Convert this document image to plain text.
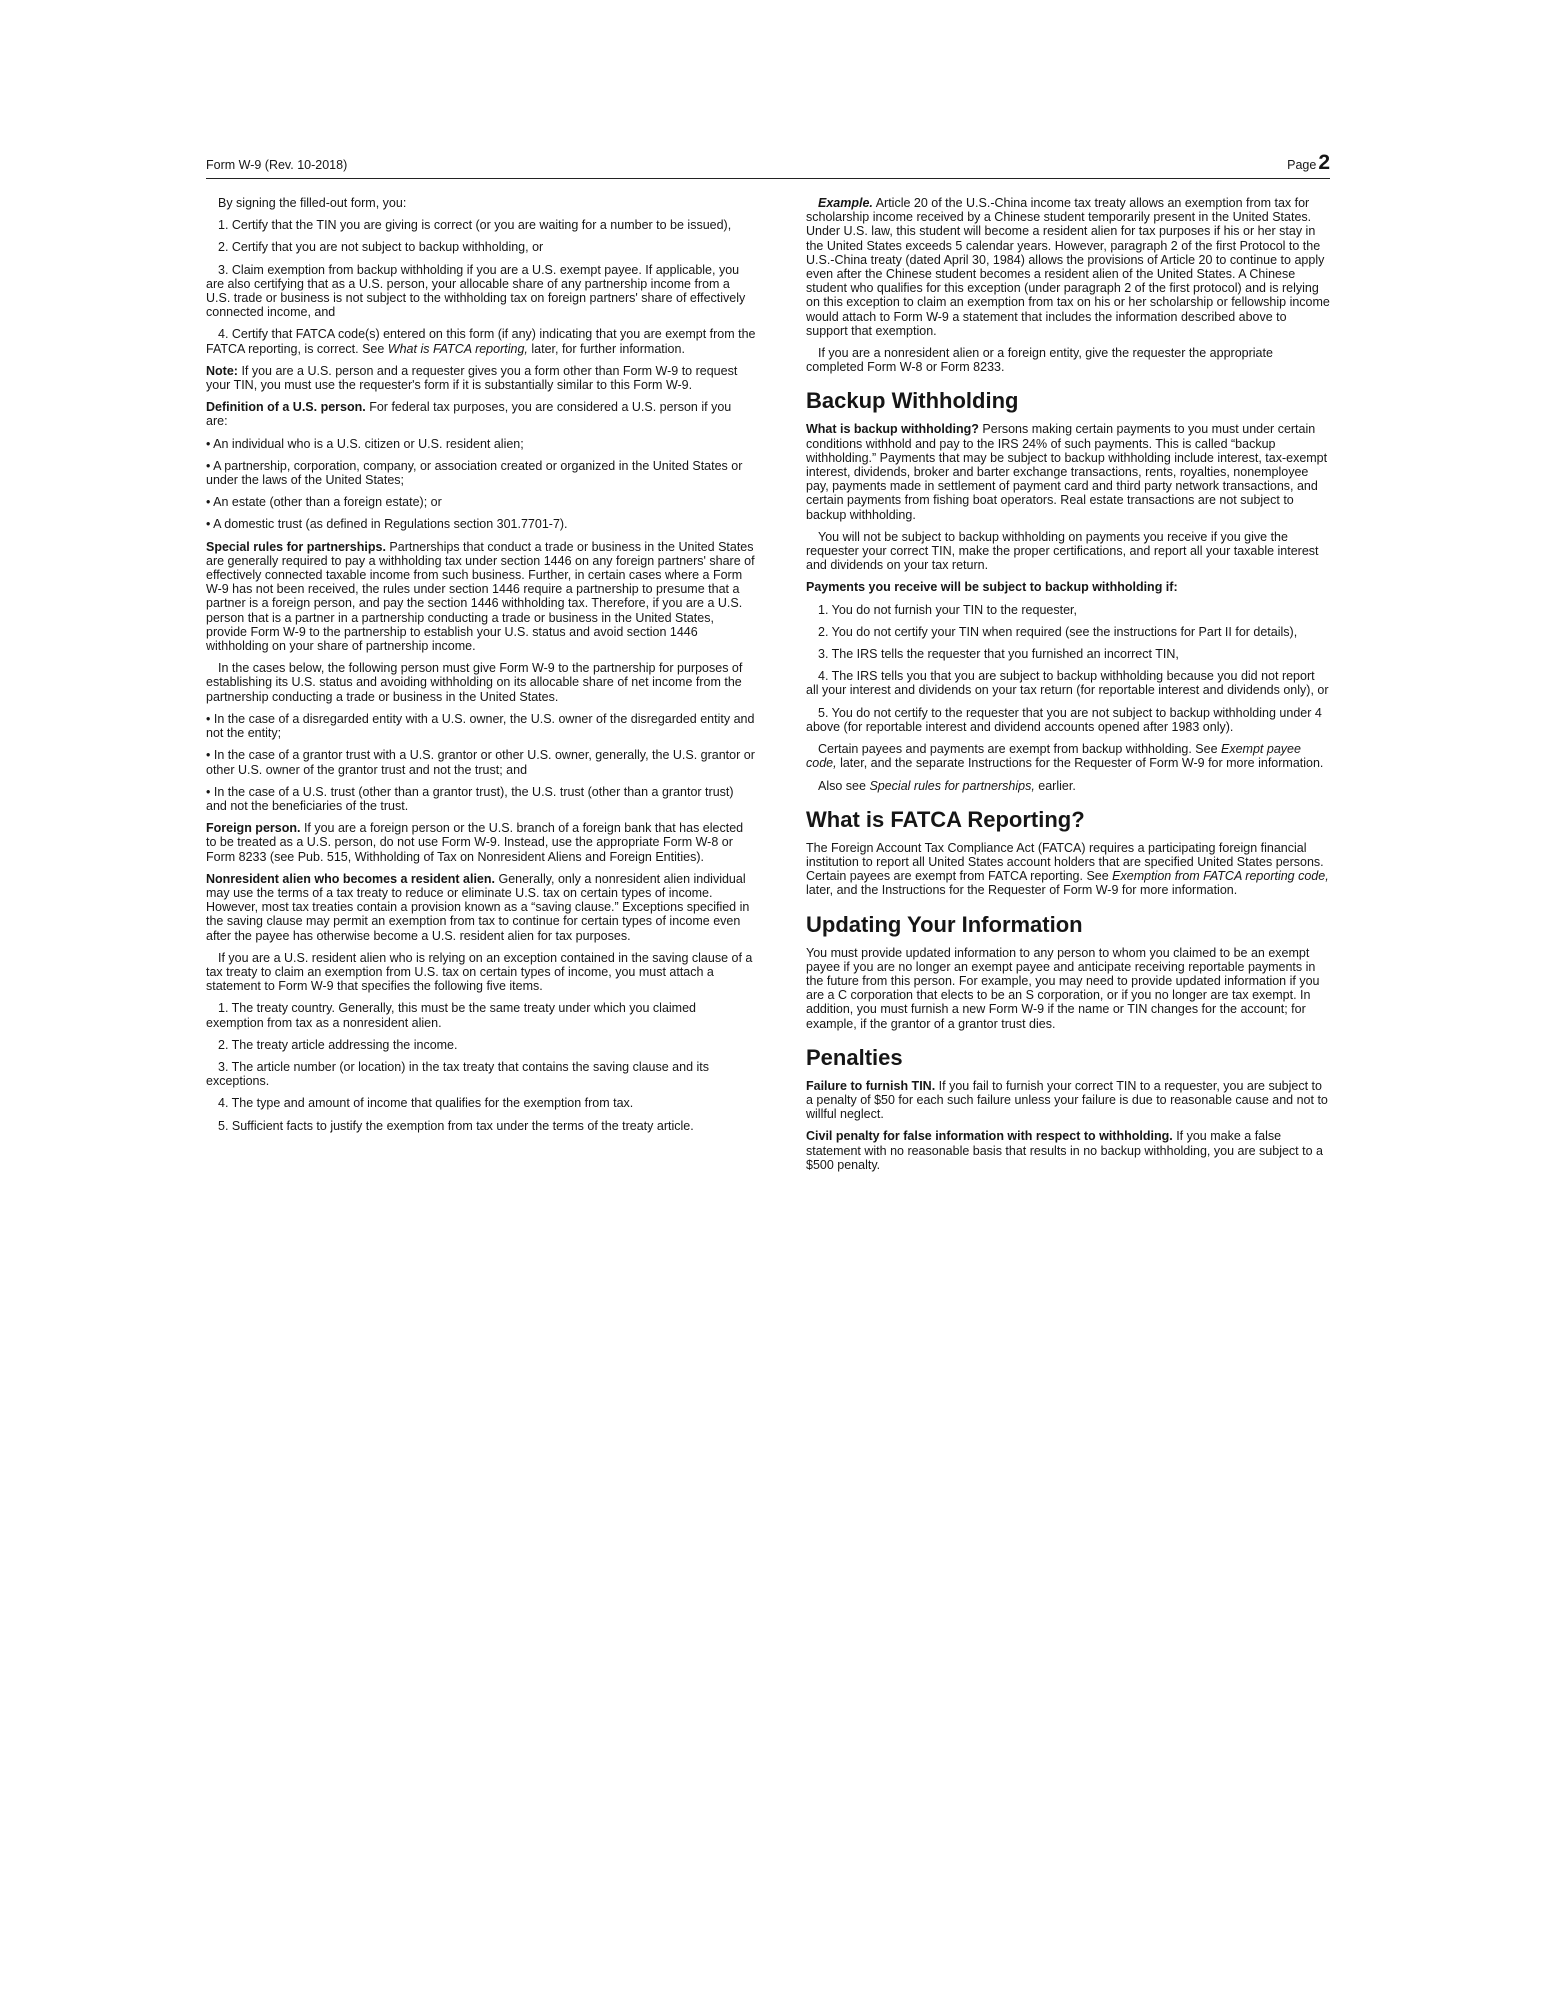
Form W-9 (Rev. 10-2018)	Page2

By signing the filled-out form, you:

1. Certify that the TIN you are giving is correct (or you are waiting for a number to be issued),

2. Certify that you are not subject to backup withholding, or

3. Claim exemption from backup withholding if you are a U.S. exempt payee. If applicable, you are also certifying that as a U.S. person, your allocable share of any partnership income from a U.S. trade or business is not subject to the withholding tax on foreign partners' share of effectively connected income, and

4. Certify that FATCA code(s) entered on this form (if any) indicating that you are exempt from the FATCA reporting, is correct. See What is FATCA reporting, later, for further information.

Note: If you are a U.S. person and a requester gives you a form other than Form W-9 to request your TIN, you must use the requester's form if it is substantially similar to this Form W-9.

Definition of a U.S. person. For federal tax purposes, you are considered a U.S. person if you are:

• An individual who is a U.S. citizen or U.S. resident alien;

• A partnership, corporation, company, or association created or organized in the United States or under the laws of the United States;

• An estate (other than a foreign estate); or

• A domestic trust (as defined in Regulations section 301.7701-7).

Special rules for partnerships. Partnerships that conduct a trade or business in the United States are generally required to pay a withholding tax under section 1446 on any foreign partners' share of effectively connected taxable income from such business. Further, in certain cases where a Form W-9 has not been received, the rules under section 1446 require a partnership to presume that a partner is a foreign person, and pay the section 1446 withholding tax. Therefore, if you are a U.S. person that is a partner in a partnership conducting a trade or business in the United States, provide Form W-9 to the partnership to establish your U.S. status and avoid section 1446 withholding on your share of partnership income.

In the cases below, the following person must give Form W-9 to the partnership for purposes of establishing its U.S. status and avoiding withholding on its allocable share of net income from the partnership conducting a trade or business in the United States.

• In the case of a disregarded entity with a U.S. owner, the U.S. owner of the disregarded entity and not the entity;

• In the case of a grantor trust with a U.S. grantor or other U.S. owner, generally, the U.S. grantor or other U.S. owner of the grantor trust and not the trust; and

• In the case of a U.S. trust (other than a grantor trust), the U.S. trust (other than a grantor trust) and not the beneficiaries of the trust.

Foreign person. If you are a foreign person or the U.S. branch of a foreign bank that has elected to be treated as a U.S. person, do not use Form W-9. Instead, use the appropriate Form W-8 or Form 8233 (see Pub. 515, Withholding of Tax on Nonresident Aliens and Foreign Entities).

Nonresident alien who becomes a resident alien. Generally, only a nonresident alien individual may use the terms of a tax treaty to reduce or eliminate U.S. tax on certain types of income. However, most tax treaties contain a provision known as a “saving clause.” Exceptions specified in the saving clause may permit an exemption from tax to continue for certain types of income even after the payee has otherwise become a U.S. resident alien for tax purposes.

If you are a U.S. resident alien who is relying on an exception contained in the saving clause of a tax treaty to claim an exemption from U.S. tax on certain types of income, you must attach a statement to Form W-9 that specifies the following five items.

1. The treaty country. Generally, this must be the same treaty under which you claimed exemption from tax as a nonresident alien.

2. The treaty article addressing the income.

3. The article number (or location) in the tax treaty that contains the saving clause and its exceptions.

4. The type and amount of income that qualifies for the exemption from tax.

5. Sufficient facts to justify the exemption from tax under the terms of the treaty article.

Example. Article 20 of the U.S.-China income tax treaty allows an exemption from tax for scholarship income received by a Chinese student temporarily present in the United States. Under U.S. law, this student will become a resident alien for tax purposes if his or her stay in the United States exceeds 5 calendar years. However, paragraph 2 of the first Protocol to the U.S.-China treaty (dated April 30, 1984) allows the provisions of Article 20 to continue to apply even after the Chinese student becomes a resident alien of the United States. A Chinese student who qualifies for this exception (under paragraph 2 of the first protocol) and is relying on this exception to claim an exemption from tax on his or her scholarship or fellowship income would attach to Form W-9 a statement that includes the information described above to support that exemption.

If you are a nonresident alien or a foreign entity, give the requester the appropriate completed Form W-8 or Form 8233.

Backup Withholding

What is backup withholding? Persons making certain payments to you must under certain conditions withhold and pay to the IRS 24% of such payments. This is called “backup withholding.” Payments that may be subject to backup withholding include interest, tax-exempt interest, dividends, broker and barter exchange transactions, rents, royalties, nonemployee pay, payments made in settlement of payment card and third party network transactions, and certain payments from fishing boat operators. Real estate transactions are not subject to backup withholding.

You will not be subject to backup withholding on payments you receive if you give the requester your correct TIN, make the proper certifications, and report all your taxable interest and dividends on your tax return.

Payments you receive will be subject to backup withholding if:

1. You do not furnish your TIN to the requester,

2. You do not certify your TIN when required (see the instructions for Part II for details),

3. The IRS tells the requester that you furnished an incorrect TIN,

4. The IRS tells you that you are subject to backup withholding because you did not report all your interest and dividends on your tax return (for reportable interest and dividends only), or

5. You do not certify to the requester that you are not subject to backup withholding under 4 above (for reportable interest and dividend accounts opened after 1983 only).

Certain payees and payments are exempt from backup withholding. See Exempt payee code, later, and the separate Instructions for the Requester of Form W-9 for more information.

Also see Special rules for partnerships, earlier.

What is FATCA Reporting?

The Foreign Account Tax Compliance Act (FATCA) requires a participating foreign financial institution to report all United States account holders that are specified United States persons. Certain payees are exempt from FATCA reporting. See Exemption from FATCA reporting code, later, and the Instructions for the Requester of Form W-9 for more information.

Updating Your Information

You must provide updated information to any person to whom you claimed to be an exempt payee if you are no longer an exempt payee and anticipate receiving reportable payments in the future from this person. For example, you may need to provide updated information if you are a C corporation that elects to be an S corporation, or if you no longer are tax exempt. In addition, you must furnish a new Form W-9 if the name or TIN changes for the account; for example, if the grantor of a grantor trust dies.

Penalties

Failure to furnish TIN. If you fail to furnish your correct TIN to a requester, you are subject to a penalty of $50 for each such failure unless your failure is due to reasonable cause and not to willful neglect.

Civil penalty for false information with respect to withholding. If you make a false statement with no reasonable basis that results in no backup withholding, you are subject to a $500 penalty.
